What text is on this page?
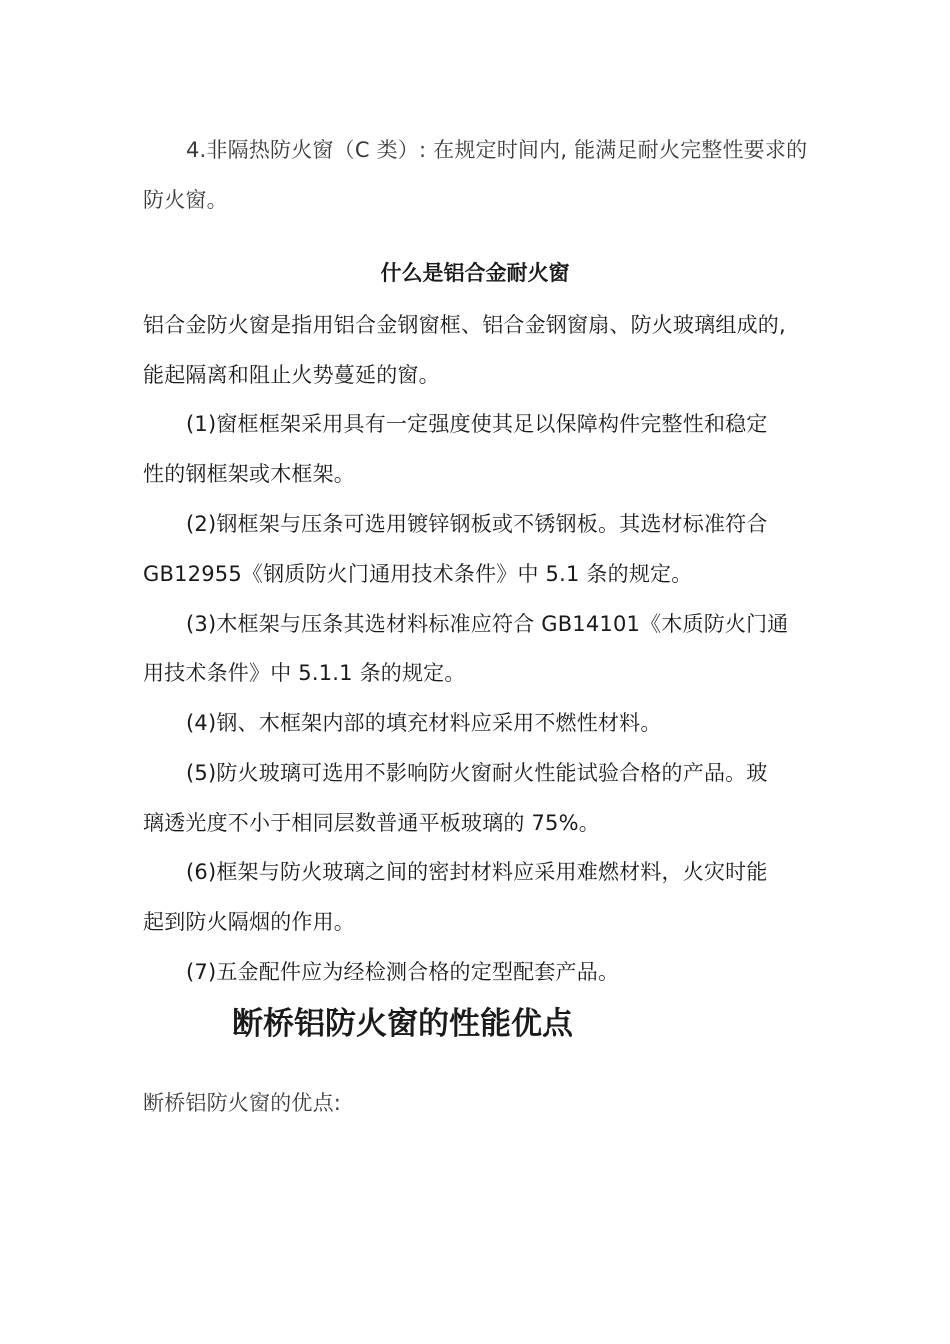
4.非隔热防火窗（C 类）: 在规定时间内, 能满足耐火完整性要求的
防火窗。
什么是铝合金耐火窗
铝合金防火窗是指用铝合金钢窗框、铝合金钢窗扇、防火玻璃组成的,
能起隔离和阻止火势蔓延的窗。
(1)窗框框架采用具有一定强度使其足以保障构件完整性和稳定
性的钢框架或木框架。
(2)钢框架与压条可选用镀锌钢板或不锈钢板。其选材标准符合
GB12955《钢质防火门通用技术条件》中 5.1 条的规定。
(3)木框架与压条其选材料标准应符合 GB14101《木质防火门通
用技术条件》中 5.1.1 条的规定。
(4)钢、木框架内部的填充材料应采用不燃性材料。
(5)防火玻璃可选用不影响防火窗耐火性能试验合格的产品。玻
璃透光度不小于相同层数普通平板玻璃的 75%。
(6)框架与防火玻璃之间的密封材料应采用难燃材料，火灾时能
起到防火隔烟的作用。
(7)五金配件应为经检测合格的定型配套产品。
断桥铝防火窗的性能优点
断桥铝防火窗的优点:
